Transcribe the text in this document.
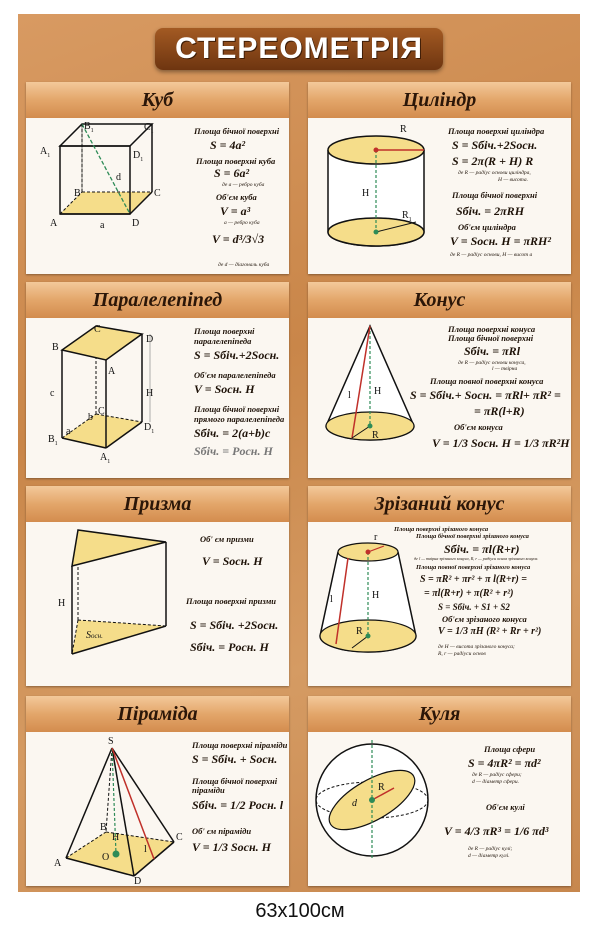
СТЕРЕОМЕТРІЯ
Куб
A	D
C
B
$A_1$	$D_1$
$B_1$	$C_1$
d
a
Площа бічної поверхні
S = 4a²
Площа поверхні куба
S = 6a²
де a — ребро куба
Об'єм куба
V = a³
a — ребро куба
V = d³/3√3
де d — діагональ куба
Циліндр
R
H
$R_1$
Площа поверхні циліндра
S = Sбіч.+2Sосн.
S = 2π(R + H) R
де R — радіус основи циліндра,
H — висота.
Площа бічної поверхні
Sбіч. = 2πRH
Об'єм циліндра
V = Sосн. H = πRH²
де R — радіус основи, H — висот а
Паралелепіпед
B
A
D
C
$B_1$
$A_1$
$D_1$
$C_1$
a
b
c	H
Площа поверхні
паралелепіпеда
S = Sбіч.+2Sосн.
Об'єм паралелепіпеда
V = Sосн. H
Площа бічної поверхні
прямого паралелепіпеда
Sбіч. = 2(a+b)c
Sбіч. = Pосн. H
Конус
l H
R
Площа поверхні конуса
Площа бічної поверхні
Sбіч. = πRl
де R — радіус основи конуса,
l — твірна
Площа повної поверхні конуса
S = Sбіч.+ Sосн. = πRl+ πR² =
= πR(l+R)
Об'єм конуса
V = 1/3 Sосн. H = 1/3 πR²H
Призма
H
Sосн.
Об' єм призми
V = Sосн. H
Площа поверхні призми
S = Sбіч. +2Sосн.
Sбіч. = Pосн. H
Зрізаний конус
r
l	H
R
Площа поверхні зрізаного конуса
Площа бічної поверхні зрізаного конуса
Sбіч. = πl(R+r)
де l — твірна зрізаного конуса, R, r — радіуси основ зрізаного конуса.
Площа повної поверхні зрізаного конуса
S = πR² + πr² + π l(R+r) =
= πl(R+r) + π(R² + r²)
S = Sбіч. + S1 + S2
Об'єм зрізаного конуса
V = 1/3 πH (R² + Rr + r²)
де H — висота зрізаного конуса;
R, r — радіуси основ
Піраміда
S
A
B
C
D
H
O
l
Площа поверхні піраміди
S = Sбіч. + Sосн.
Площа бічної поверхні
піраміди
Sбіч. = 1/2 Pосн. l
Об' єм піраміди
V = 1/3 Sосн. H
Куля
d
R
Площа сфери
S = 4πR² = πd²
де R — радіус сфери;
d — діаметр сфери.
Об'єм кулі
V = 4/3 πR³ = 1/6 πd³
де R — радіус кулі;
d — діаметр кулі.
63х100см
